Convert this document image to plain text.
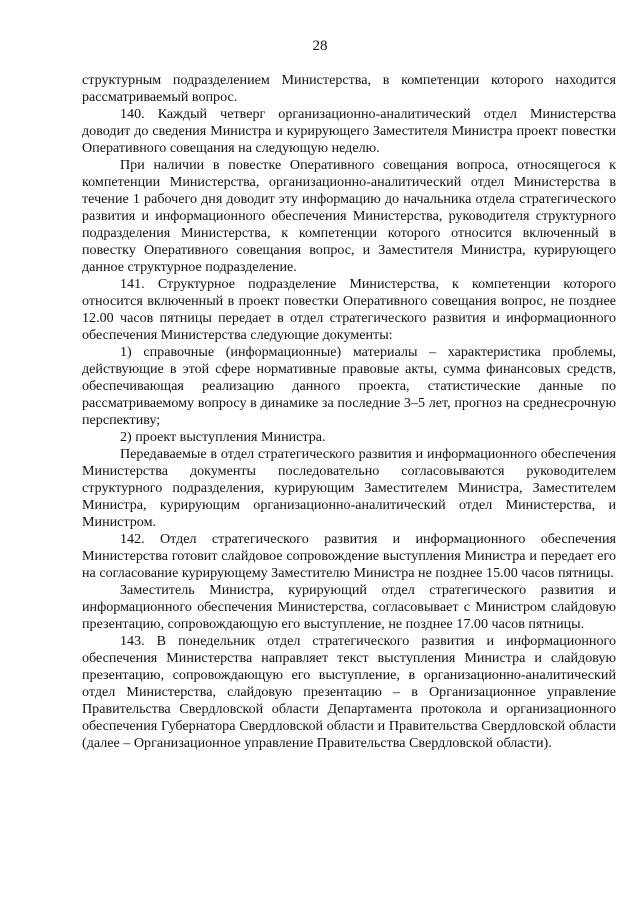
28

структурным подразделением Министерства, в компетенции которого находится рассматриваемый вопрос.

140. Каждый четверг организационно-аналитический отдел Министерства доводит до сведения Министра и курирующего Заместителя Министра проект повестки Оперативного совещания на следующую неделю.

При наличии в повестке Оперативного совещания вопроса, относящегося к компетенции Министерства, организационно-аналитический отдел Министерства в течение 1 рабочего дня доводит эту информацию до начальника отдела стратегического развития и информационного обеспечения Министерства, руководителя структурного подразделения Министерства, к компетенции которого относится включенный в повестку Оперативного совещания вопрос, и Заместителя Министра, курирующего данное структурное подразделение.

141. Структурное подразделение Министерства, к компетенции которого относится включенный в проект повестки Оперативного совещания вопрос, не позднее 12.00 часов пятницы передает в отдел стратегического развития и информационного обеспечения Министерства следующие документы:

1) справочные (информационные) материалы – характеристика проблемы, действующие в этой сфере нормативные правовые акты, сумма финансовых средств, обеспечивающая реализацию данного проекта, статистические данные по рассматриваемому вопросу в динамике за последние 3–5 лет, прогноз на среднесрочную перспективу;

2) проект выступления Министра.

Передаваемые в отдел стратегического развития и информационного обеспечения Министерства документы последовательно согласовываются руководителем структурного подразделения, курирующим Заместителем Министра, Заместителем Министра, курирующим организационно-аналитический отдел Министерства, и Министром.

142. Отдел стратегического развития и информационного обеспечения Министерства готовит слайдовое сопровождение выступления Министра и передает его на согласование курирующему Заместителю Министра не позднее 15.00 часов пятницы.

Заместитель Министра, курирующий отдел стратегического развития и информационного обеспечения Министерства, согласовывает с Министром слайдовую презентацию, сопровождающую его выступление, не позднее 17.00 часов пятницы.

143. В понедельник отдел стратегического развития и информационного обеспечения Министерства направляет текст выступления Министра и слайдовую презентацию, сопровождающую его выступление, в организационно-аналитический отдел Министерства, слайдовую презентацию – в Организационное управление Правительства Свердловской области Департамента протокола и организационного обеспечения Губернатора Свердловской области и Правительства Свердловской области (далее – Организационное управление Правительства Свердловской области).
